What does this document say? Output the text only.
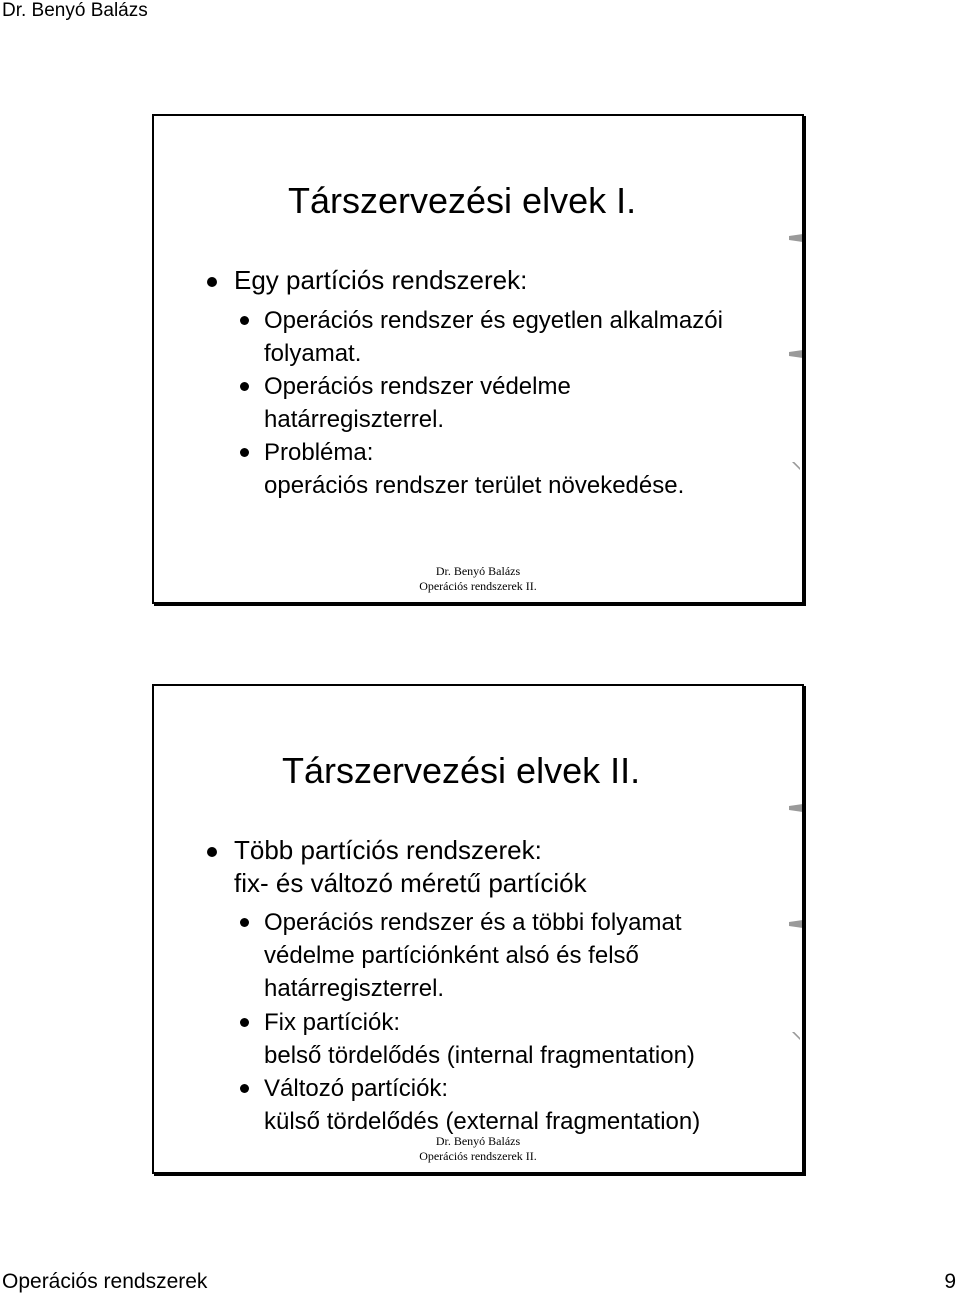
Dr. Benyó Balázs
Társzervezési elvek I.
Egy partíciós rendszerek:
Operációs rendszer és egyetlen alkalmazói
folyamat.
Operációs rendszer védelme
határregiszterrel.
Probléma:
operációs rendszer terület növekedése.
Dr. Benyó Balázs
Operációs rendszerek II.
Társzervezési elvek II.
Több partíciós rendszerek:
fix- és változó méretű partíciók
Operációs rendszer és a többi folyamat
védelme partíciónként alsó és felső
határregiszterrel.
Fix partíciók:
belső tördelődés (internal fragmentation)
Változó partíciók:
külső tördelődés (external fragmentation)
Dr. Benyó Balázs
Operációs rendszerek II.
Operációs rendszerek	9
